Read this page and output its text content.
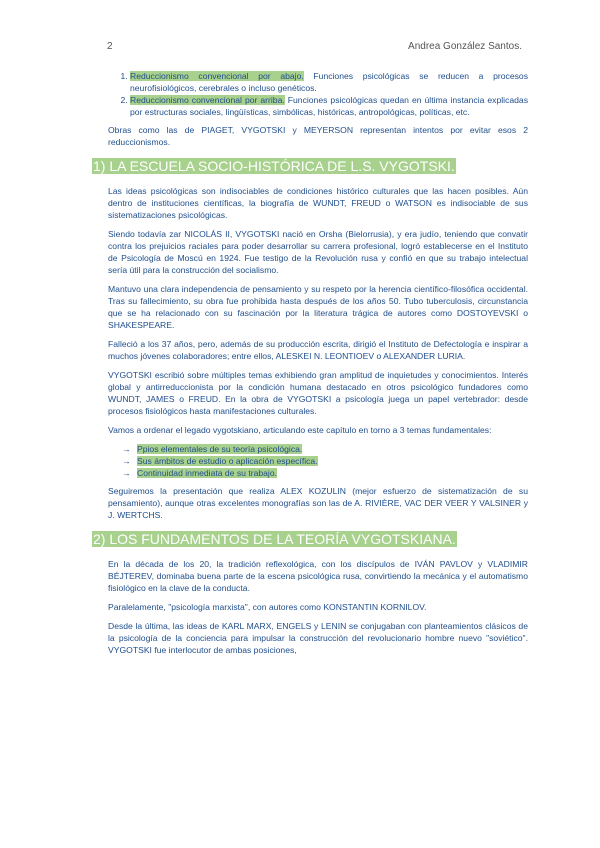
2	Andrea González Santos.
1. Reduccionismo convencional por abajo. Funciones psicológicas se reducen a procesos neurofisiológicos, cerebrales o incluso genéticos.
2. Reduccionismo convencional por arriba. Funciones psicológicas quedan en última instancia explicadas por estructuras sociales, lingüísticas, simbólicas, históricas, antropológicas, políticas, etc.

Obras como las de PIAGET, VYGOTSKI y MEYERSON representan intentos por evitar esos 2 reduccionismos.

1) LA ESCUELA SOCIO-HISTÓRICA DE L.S. VYGOTSKI.

Las ideas psicológicas son indisociables de condiciones histórico culturales que las hacen posibles. Aún dentro de instituciones científicas, la biografía de WUNDT, FREUD o WATSON es indisociable de sus sistematizaciones psicológicas.

Siendo todavía zar NICOLÁS II, VYGOTSKI nació en Orsha (Bielorrusia), y era judío, teniendo que convatir contra los prejuicios raciales para poder desarrollar su carrera profesional, logró establecerse en el Instituto de Psicología de Moscú en 1924. Fue testigo de la Revolución rusa y confió en que su trabajo intelectual sería útil para la construcción del socialismo.

Mantuvo una clara independencia de pensamiento y su respeto por la herencia científico-filosófica occidental. Tras su fallecimiento, su obra fue prohibida hasta después de los años 50. Tubo tuberculosis, circunstancia que se ha relacionado con su fascinación por la literatura trágica de autores como DOSTOYEVSKI o SHAKESPEARE.

Falleció a los 37 años, pero, además de su producción escrita, dirigió el Instituto de Defectología e inspirar a muchos jóvenes colaboradores; entre ellos, ALESKEI N. LEONTIOEV o ALEXANDER LURIA.

VYGOTSKI escribió sobre múltiples temas exhibiendo gran amplitud de inquietudes y conocimientos. Interés global y antirreduccionista por la condición humana destacado en otros psicológico fundadores como WUNDT, JAMES o FREUD. En la obra de VYGOTSKI a psicología juega un papel vertebrador: desde procesos fisiológicos hasta manifestaciones culturales.

Vamos a ordenar el legado vygotskiano, articulando este capítulo en torno a 3 temas fundamentales:

→ Ppios elementales de su teoría psicológica.
→ Sus ámbitos de estudio o aplicación específica.
→ Continuidad inmediata de su trabajo.

Seguiremos la presentación que realiza ALEX KOZULIN (mejor esfuerzo de sistematización de su pensamiento), aunque otras excelentes monografías son las de A. RIVIÈRE, VAC DER VEER Y VALSINER y J. WERTCHS.

2) LOS FUNDAMENTOS DE LA TEORÍA VYGOTSKIANA.

En la década de los 20, la tradición reflexológica, con los discípulos de IVÁN PAVLOV y VLADIMIR BÉJTEREV, dominaba buena parte de la escena psicológica rusa, convirtiendo la mecánica y el automatismo fisiológico en la clave de la conducta.

Paralelamente, "psicología marxista", con autores como KONSTANTIN KORNILOV.

Desde la última, las ideas de KARL MARX, ENGELS y LENIN se conjugaban con planteamientos clásicos de la psicología de la conciencia para impulsar la construcción del revolucionario hombre nuevo "soviético". VYGOTSKI fue interlocutor de ambas posiciones,
